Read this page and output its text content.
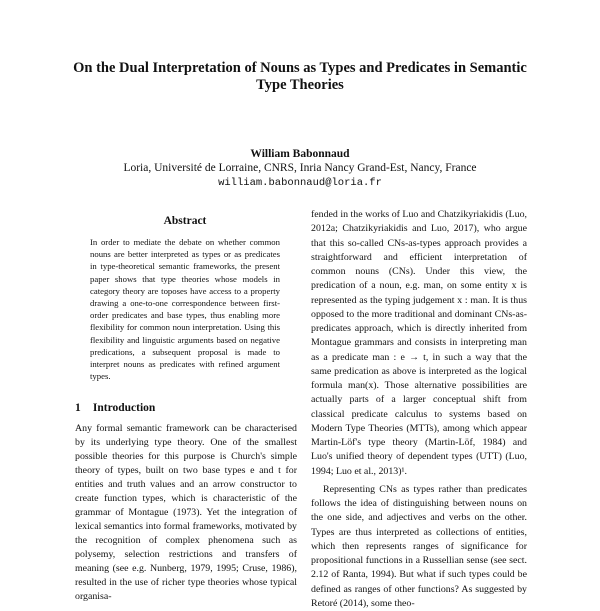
On the Dual Interpretation of Nouns as Types and Predicates in Semantic Type Theories
William Babonnaud
Loria, Université de Lorraine, CNRS, Inria Nancy Grand-Est, Nancy, France
william.babonnaud@loria.fr
Abstract
In order to mediate the debate on whether common nouns are better interpreted as types or as predicates in type-theoretical semantic frameworks, the present paper shows that type theories whose models in category theory are toposes have access to a property drawing a one-to-one correspondence between first-order predicates and base types, thus enabling more flexibility for common noun interpretation. Using this flexibility and linguistic arguments based on negative predications, a subsequent proposal is made to interpret nouns as predicates with refined argument types.
1 Introduction
Any formal semantic framework can be characterised by its underlying type theory. One of the smallest possible theories for this purpose is Church's simple theory of types, built on two base types e and t for entities and truth values and an arrow constructor to create function types, which is characteristic of the grammar of Montague (1973). Yet the integration of lexical semantics into formal frameworks, motivated by the recognition of complex phenomena such as polysemy, selection restrictions and transfers of meaning (see e.g. Nunberg, 1979, 1995; Cruse, 1986), resulted in the use of richer type theories whose typical organisa-

fended in the works of Luo and Chatzikyriakidis (Luo, 2012a; Chatzikyriakidis and Luo, 2017), who argue that this so-called CNs-as-types approach provides a straightforward and efficient interpretation of common nouns (CNs). Under this view, the predication of a noun, e.g. man, on some entity x is represented as the typing judgement x : man. It is thus opposed to the more traditional and dominant CNs-as-predicates approach, which is directly inherited from Montague grammars and consists in interpreting man as a predicate man : e → t, in such a way that the same predication as above is interpreted as the logical formula man(x). Those alternative possibilities are actually parts of a larger conceptual shift from classical predicate calculus to systems based on Modern Type Theories (MTTs), among which appear Martin-Löf's type theory (Martin-Löf, 1984) and Luo's unified theory of dependent types (UTT) (Luo, 1994; Luo et al., 2013)¹.

Representing CNs as types rather than predicates follows the idea of distinguishing between nouns on the one side, and adjectives and verbs on the other. Types are thus interpreted as collections of entities, which then represents ranges of significance for propositional functions in a Russellian sense (see sect. 2.12 of Ranta, 1994). But what if such types could be defined as ranges of other functions? As suggested by Retoré (2014), some theo-
